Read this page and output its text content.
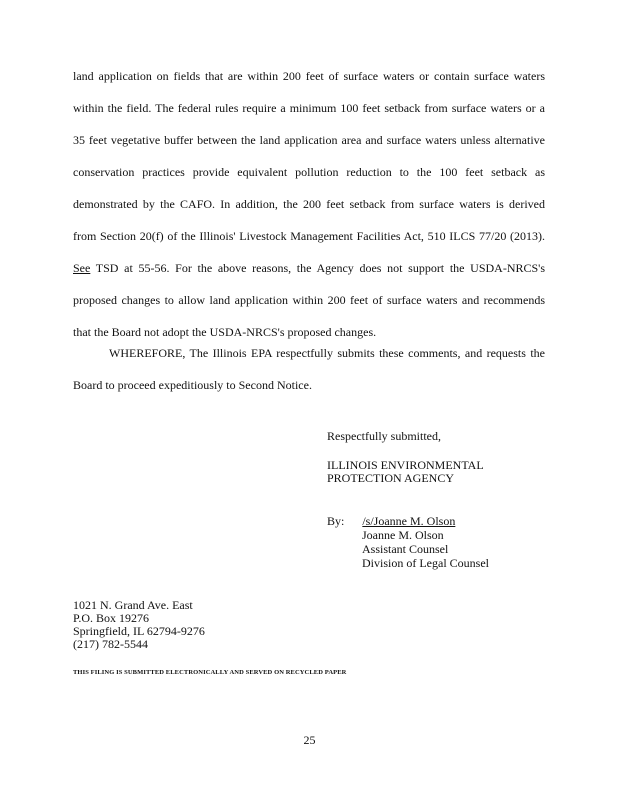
land application on fields that are within 200 feet of surface waters or contain surface waters
within the field. The federal rules require a minimum 100 feet setback from surface waters or a
35 feet vegetative buffer between the land application area and surface waters unless alternative
conservation practices provide equivalent pollution reduction to the 100 feet setback as
demonstrated by the CAFO. In addition, the 200 feet setback from surface waters is derived
from Section 20(f) of the Illinois' Livestock Management Facilities Act, 510 ILCS 77/20 (2013).
See TSD at 55-56. For the above reasons, the Agency does not support the USDA-NRCS's
proposed changes to allow land application within 200 feet of surface waters and recommends
that the Board not adopt the USDA-NRCS's proposed changes.
WHEREFORE, The Illinois EPA respectfully submits these comments, and requests the
Board to proceed expeditiously to Second Notice.
Respectfully submitted,
ILLINOIS ENVIRONMENTAL
PROTECTION AGENCY
By: /s/Joanne M. Olson
Joanne M. Olson
Assistant Counsel
Division of Legal Counsel
1021 N. Grand Ave. East
P.O. Box 19276
Springfield, IL 62794-9276
(217) 782-5544
THIS FILING IS SUBMITTED ELECTRONICALLY AND SERVED ON RECYCLED PAPER
25
